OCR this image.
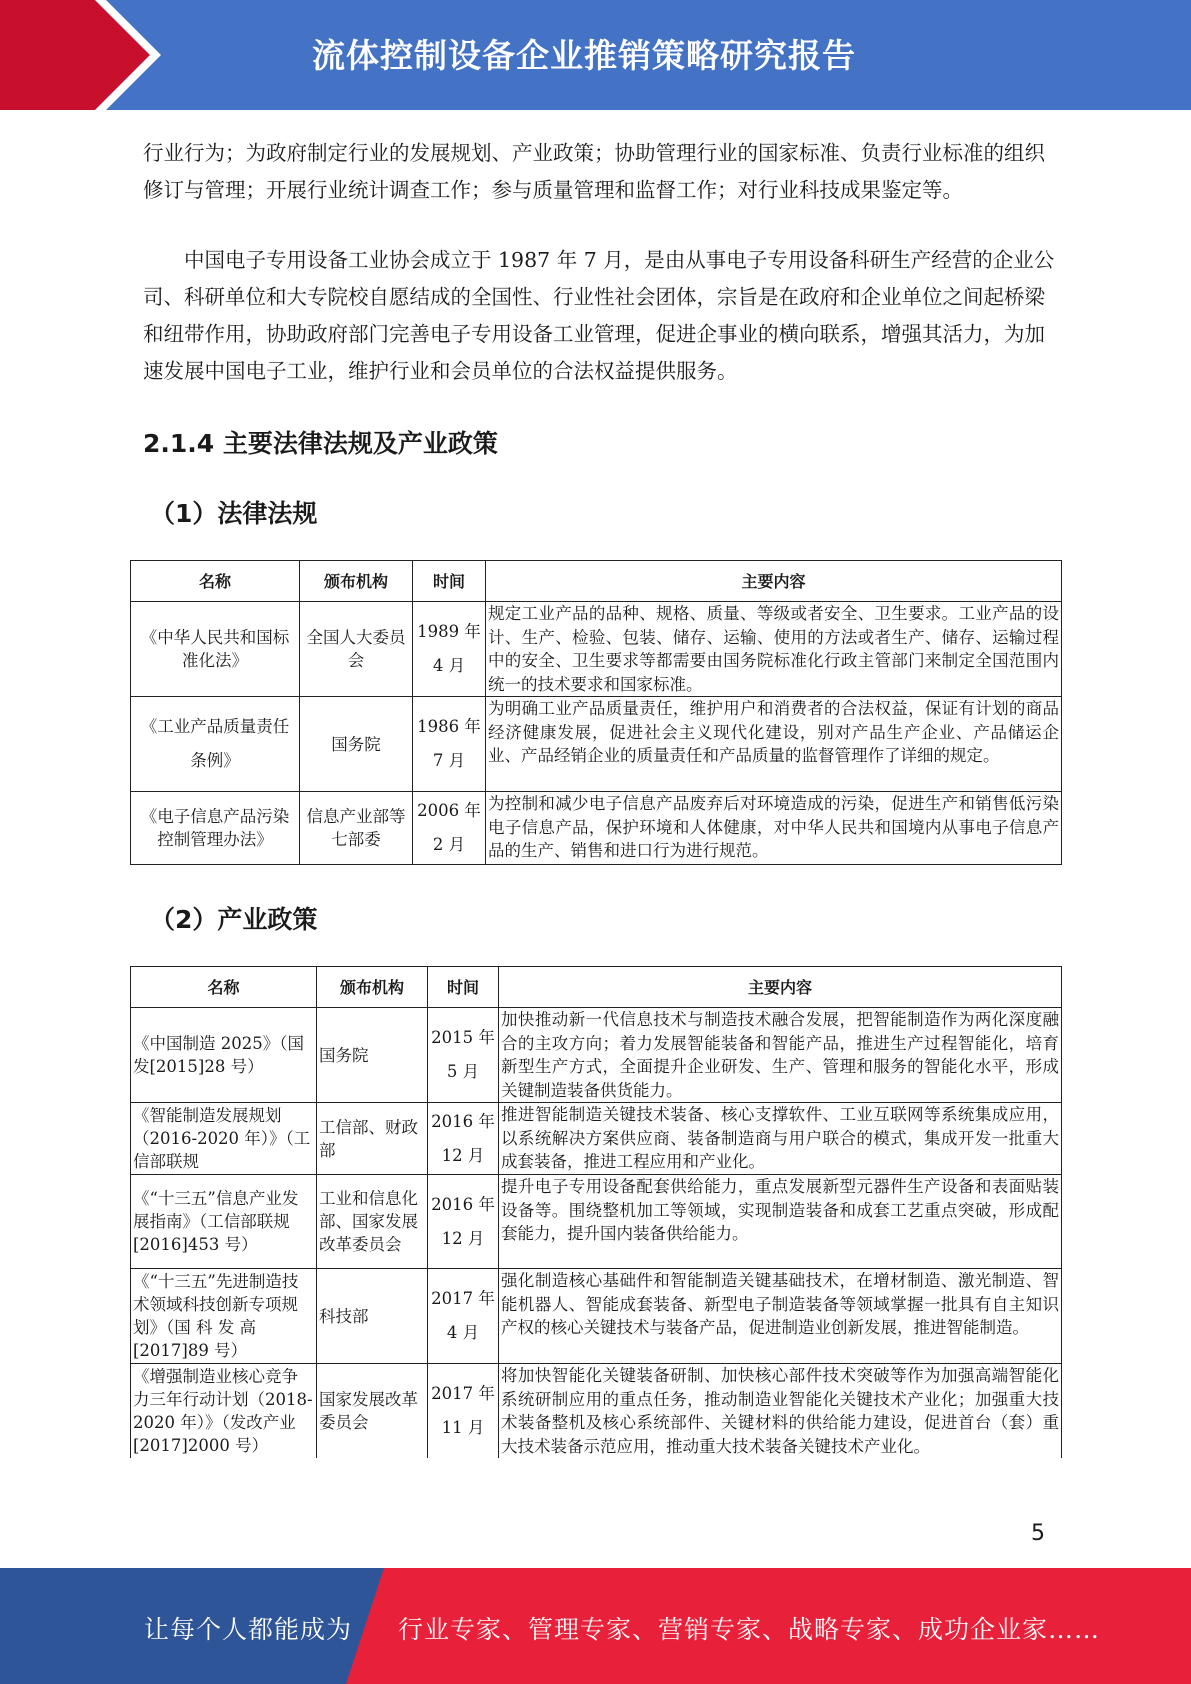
流体控制设备企业推销策略研究报告

行业行为；为政府制定行业的发展规划、产业政策；协助管理行业的国家标准、负责行业标准的组织修订与管理；开展行业统计调查工作；参与质量管理和监督工作；对行业科技成果鉴定等。

中国电子专用设备工业协会成立于 1987 年 7 月，是由从事电子专用设备科研生产经营的企业公司、科研单位和大专院校自愿结成的全国性、行业性社会团体，宗旨是在政府和企业单位之间起桥梁和纽带作用，协助政府部门完善电子专用设备工业管理，促进企事业的横向联系，增强其活力，为加速发展中国电子工业，维护行业和会员单位的合法权益提供服务。

2.1.4 主要法律法规及产业政策
（1）法律法规
名称	颁布机构	时间	主要内容
《中华人民共和国标准化法》	全国人大委员会	1989 年 4 月	规定工业产品的品种、规格、质量、等级或者安全、卫生要求。工业产品的设计、生产、检验、包装、储存、运输、使用的方法或者生产、储存、运输过程中的安全、卫生要求等都需要由国务院标准化行政主管部门来制定全国范围内统一的技术要求和国家标准。
《工业产品质量责任条例》	国务院	1986 年 7 月	为明确工业产品质量责任，维护用户和消费者的合法权益，保证有计划的商品经济健康发展，促进社会主义现代化建设，别对产品生产企业、产品储运企业、产品经销企业的质量责任和产品质量的监督管理作了详细的规定。
《电子信息产品污染控制管理办法》	信息产业部等七部委	2006 年 2 月	为控制和减少电子信息产品废弃后对环境造成的污染，促进生产和销售低污染电子信息产品，保护环境和人体健康，对中华人民共和国境内从事电子信息产品的生产、销售和进口行为进行规范。
（2）产业政策
名称	颁布机构	时间	主要内容
《中国制造 2025》（国 发[2015]28 号）	国务院	2015 年 5 月	加快推动新一代信息技术与制造技术融合发展，把智能制造作为两化深度融合的主攻方向；着力发展智能装备和智能产品，推进生产过程智能化，培育新型生产方式，全面提升企业研发、生产、管理和服务的智能化水平，形成关键制造装备供货能力。
《智能制造发展规划（2016-2020 年）》（工 信部联规	工信部、财政部	2016 年 12 月	推进智能制造关键技术装备、核心支撑软件、工业互联网等系统集成应用，以系统解决方案供应商、装备制造商与用户联合的模式，集成开发一批重大成套装备，推进工程应用和产业化。
《“十三五”信息产业发展指南》（工信部联规[2016]453 号）	工业和信息化部、国家发展改革委员会	2016 年 12 月	提升电子专用设备配套供给能力，重点发展新型元器件生产设备和表面贴装设备等。围绕整机加工等领域，实现制造装备和成套工艺重点突破，形成配套能力，提升国内装备供给能力。
《“十三五”先进制造技术领域科技创新专项规 划》（国 科 发 高[2017]89 号）	科技部	2017 年 4 月	强化制造核心基础件和智能制造关键基础技术，在增材制造、激光制造、智能机器人、智能成套装备、新型电子制造装备等领域掌握一批具有自主知识产权的核心关键技术与装备产品，促进制造业创新发展，推进智能制造。
《增强制造业核心竞争力三年行动计划（2018-2020 年）》（发改产业[2017]2000 号）	国家发展改革委员会	2017 年 11 月	将加快智能化关键装备研制、加快核心部件技术突破等作为加强高端智能化系统研制应用的重点任务，推动制造业智能化关键技术产业化；加强重大技术装备整机及核心系统部件、关键材料的供给能力建设，促进首台（套）重大技术装备示范应用，推动重大技术装备关键技术产业化。
5
让每个人都能成为 行业专家、管理专家、营销专家、战略专家、成功企业家……
